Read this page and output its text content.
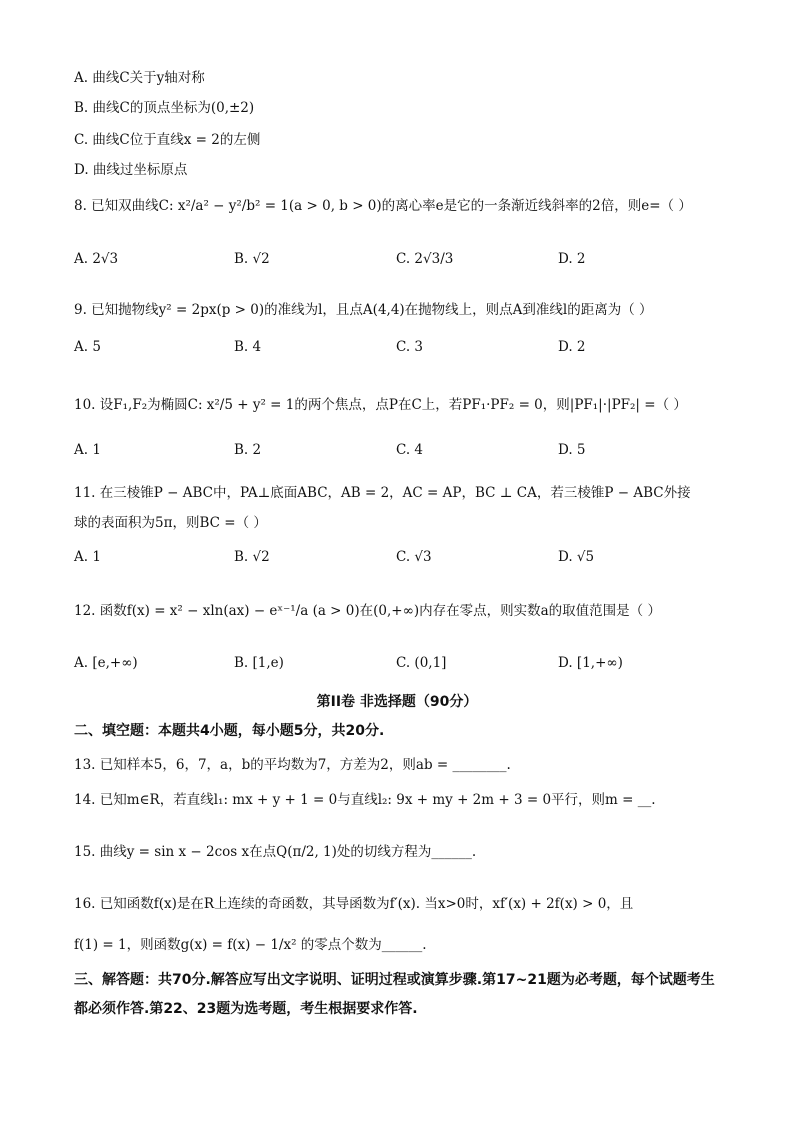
A. 曲线C关于y轴对称
B. 曲线C的顶点坐标为(0,±2)
C. 曲线C位于直线x = 2的左侧
D. 曲线过坐标原点
8. 已知双曲线C: x²/a² − y²/b² = 1(a > 0, b > 0)的离心率e是它的一条渐近线斜率的2倍，则e=（ ）
A. 2√3	B. √2	C. 2√3/3	D. 2
9. 已知抛物线y² = 2px(p > 0)的准线为l，且点A(4,4)在抛物线上，则点A到准线l的距离为（ ）
A. 5	B. 4	C. 3	D. 2
10. 设F₁,F₂为椭圆C: x²/5 + y² = 1的两个焦点，点P在C上，若PF₁·PF₂ = 0，则|PF₁|·|PF₂| =（ ）
A. 1	B. 2	C. 4	D. 5
11. 在三棱锥P − ABC中，PA⊥底面ABC，AB = 2，AC = AP，BC ⊥ CA，若三棱锥P − ABC外接
球的表面积为5π，则BC =（ ）
A. 1	B. √2	C. √3	D. √5
12. 函数f(x) = x² − xln(ax) − eˣ⁻¹/a (a > 0)在(0,+∞)内存在零点，则实数a的取值范围是（ ）
A. [e,+∞)	B. [1,e)	C. (0,1]	D. [1,+∞)
第II卷 非选择题（90分）
二、填空题：本题共4小题，每小题5分，共20分.
13. 已知样本5，6，7，a，b的平均数为7，方差为2，则ab = ________.
14. 已知m∈R，若直线l₁: mx + y + 1 = 0与直线l₂: 9x + my + 2m + 3 = 0平行，则m = __.
15. 曲线y = sin x − 2cos x在点Q(π/2, 1)处的切线方程为______.
16. 已知函数f(x)是在R上连续的奇函数，其导函数为f′(x). 当x>0时，xf′(x) + 2f(x) > 0，且
f(1) = 1，则函数g(x) = f(x) − 1/x² 的零点个数为______.
三、解答题：共70分.解答应写出文字说明、证明过程或演算步骤.第17~21题为必考题，每个试题考生都必须作答.第22、23题为选考题，考生根据要求作答.
